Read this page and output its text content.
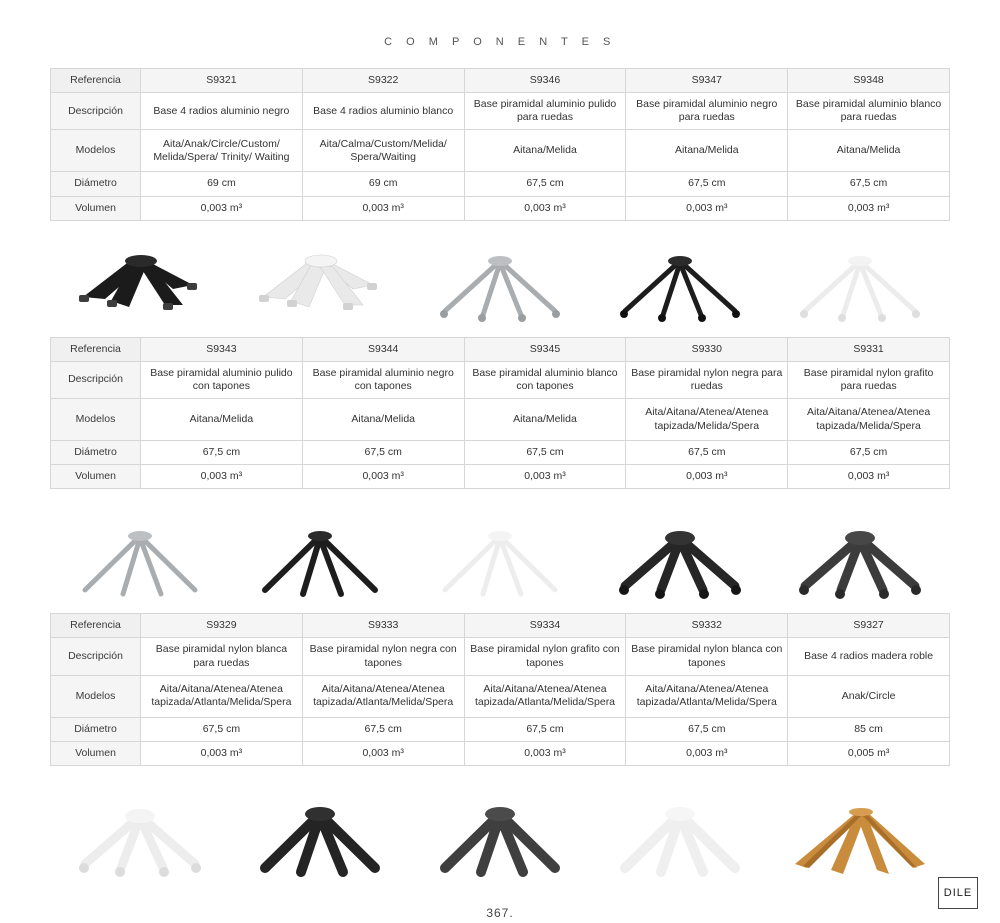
C O M P O N E N T E S
Referencia	S9321	S9322	S9346	S9347	S9348
Descripción	Base 4 radios aluminio negro	Base 4 radios aluminio blanco	Base piramidal aluminio pulido para ruedas	Base piramidal aluminio negro para ruedas	Base piramidal aluminio blanco para ruedas
Modelos	Aita/Anak/Circle/Custom/ Melida/Spera/ Trinity/ Waiting	Aita/Calma/Custom/Melida/ Spera/Waiting	Aitana/Melida	Aitana/Melida	Aitana/Melida
Diámetro	69 cm	69 cm	67,5 cm	67,5 cm	67,5 cm
Volumen	0,003 m³	0,003 m³	0,003 m³	0,003 m³	0,003 m³
Referencia	S9343	S9344	S9345	S9330	S9331
Descripción	Base piramidal aluminio pulido con tapones	Base piramidal aluminio negro con tapones	Base piramidal aluminio blanco con tapones	Base piramidal nylon negra para ruedas	Base piramidal nylon grafito para ruedas
Modelos	Aitana/Melida	Aitana/Melida	Aitana/Melida	Aita/Aitana/Atenea/Atenea tapizada/Melida/Spera	Aita/Aitana/Atenea/Atenea tapizada/Melida/Spera
Diámetro	67,5 cm	67,5 cm	67,5 cm	67,5 cm	67,5 cm
Volumen	0,003 m³	0,003 m³	0,003 m³	0,003 m³	0,003 m³
Referencia	S9329	S9333	S9334	S9332	S9327
Descripción	Base piramidal nylon blanca para ruedas	Base piramidal nylon negra con tapones	Base piramidal nylon grafito con tapones	Base piramidal nylon blanca con tapones	Base 4 radios madera roble
Modelos	Aita/Aitana/Atenea/Atenea tapizada/Atlanta/Melida/Spera	Aita/Aitana/Atenea/Atenea tapizada/Atlanta/Melida/Spera	Aita/Aitana/Atenea/Atenea tapizada/Atlanta/Melida/Spera	Aita/Aitana/Atenea/Atenea tapizada/Atlanta/Melida/Spera	Anak/Circle
Diámetro	67,5 cm	67,5 cm	67,5 cm	67,5 cm	85 cm
Volumen	0,003 m³	0,003 m³	0,003 m³	0,003 m³	0,005 m³
367.
DILE
